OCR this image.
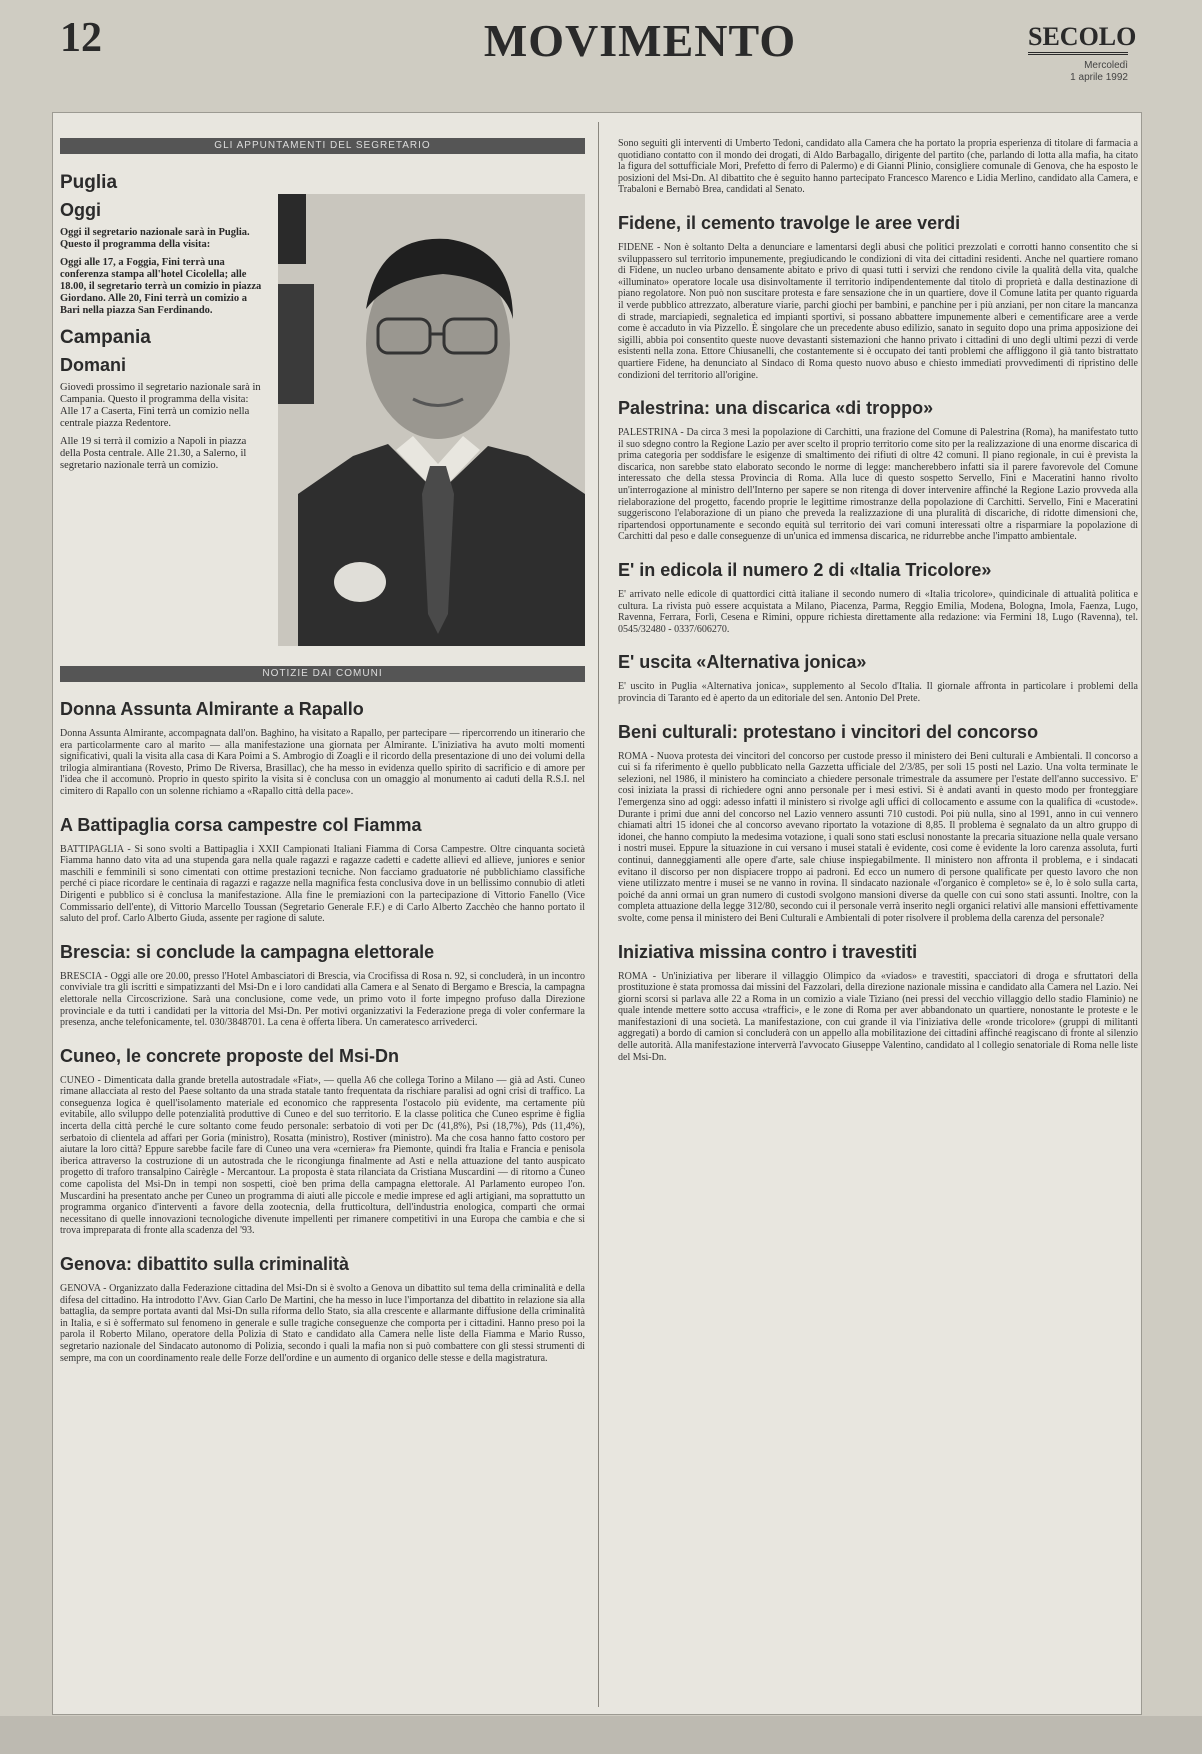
12	MOVIMENTO	SECOLO
Mercoledì
1 aprile 1992
GLI APPUNTAMENTI DEL SEGRETARIO
Puglia
Oggi

Oggi il segretario nazionale sarà in Puglia. Questo il programma della visita:

Oggi alle 17, a Foggia, Fini terrà una conferenza stampa all'hotel Cicolella; alle 18.00, il segretario terrà un comizio in piazza Giordano. Alle 20, Fini terrà un comizio a Bari nella piazza San Ferdinando.

Campania
Domani

Giovedì prossimo il segretario nazionale sarà in Campania. Questo il programma della visita: Alle 17 a Caserta, Fini terrà un comizio nella centrale piazza Redentore.

Alle 19 si terrà il comizio a Napoli in piazza della Posta centrale. Alle 21.30, a Salerno, il segretario nazionale terrà un comizio.

NOTIZIE DAI COMUNI
Donna Assunta Almirante a Rapallo

Donna Assunta Almirante, accompagnata dall'on. Baghino, ha visitato a Rapallo, per partecipare — ripercorrendo un itinerario che era particolarmente caro al marito — alla manifestazione una giornata per Almirante. L'iniziativa ha avuto molti momenti significativi, quali la visita alla casa di Kara Poimi a S. Ambrogio di Zoagli e il ricordo della presentazione di uno dei volumi della trilogia almirantiana (Rovesto, Primo De Riversa, Brasillac), che ha messo in evidenza quello spirito di sacrificio e di amore per l'idea che il accomunò. Proprio in questo spirito la visita si è conclusa con un omaggio al monumento ai caduti della R.S.I. nel cimitero di Rapallo con un solenne richiamo a «Rapallo città della pace».

A Battipaglia corsa campestre col Fiamma

BATTIPAGLIA - Si sono svolti a Battipaglia i XXII Campionati Italiani Fiamma di Corsa Campestre. Oltre cinquanta società Fiamma hanno dato vita ad una stupenda gara nella quale ragazzi e ragazze cadetti e cadette allievi ed allieve, juniores e senior maschili e femminili si sono cimentati con ottime prestazioni tecniche. Non facciamo graduatorie né pubblichiamo classifiche perché ci piace ricordare le centinaia di ragazzi e ragazze nella magnifica festa conclusiva dove in un bellissimo connubio di atleti Dirigenti e pubblico si è conclusa la manifestazione. Alla fine le premiazioni con la partecipazione di Vittorio Fanello (Vice Commissario dell'ente), di Vittorio Marcello Toussan (Segretario Generale F.F.) e di Carlo Alberto Zacchèo che hanno portato il saluto del prof. Carlo Alberto Giuda, assente per ragione di salute.

Brescia: si conclude la campagna elettorale

BRESCIA - Oggi alle ore 20.00, presso l'Hotel Ambasciatori di Brescia, via Crocifissa di Rosa n. 92, si concluderà, in un incontro conviviale tra gli iscritti e simpatizzanti del Msi-Dn e i loro candidati alla Camera e al Senato di Bergamo e Brescia, la campagna elettorale nella Circoscrizione. Sarà una conclusione, come vede, un primo voto il forte impegno profuso dalla Direzione provinciale e da tutti i candidati per la vittoria del Msi-Dn. Per motivi organizzativi la Federazione prega di voler confermare la presenza, anche telefonicamente, tel. 030/3848701. La cena è offerta libera. Un cameratesco arrivederci.

Cuneo, le concrete proposte del Msi-Dn

CUNEO - Dimenticata dalla grande bretella autostradale «Fiat», — quella A6 che collega Torino a Milano — già ad Asti. Cuneo rimane allacciata al resto del Paese soltanto da una strada statale tanto frequentata da rischiare paralisi ad ogni crisi di traffico. La conseguenza logica è quell'isolamento materiale ed economico che rappresenta l'ostacolo più evidente, ma certamente più evitabile, allo sviluppo delle potenzialità produttive di Cuneo e del suo territorio. E la classe politica che Cuneo esprime è figlia incerta della città perché le cure soltanto come feudo personale: serbatoio di voti per Dc (41,8%), Psi (18,7%), Pds (11,4%), serbatoio di clientela ad affari per Goria (ministro), Rosatta (ministro), Rostiver (ministro). Ma che cosa hanno fatto costoro per aiutare la loro città? Eppure sarebbe facile fare di Cuneo una vera «cerniera» fra Piemonte, quindi fra Italia e Francia e penisola iberica attraverso la costruzione di un autostrada che le ricongiunga finalmente ad Asti e nella attuazione del tanto auspicato progetto di traforo transalpino Cairègle - Mercantour. La proposta è stata rilanciata da Cristiana Muscardini — di ritorno a Cuneo come capolista del Msi-Dn in tempi non sospetti, cioè ben prima della campagna elettorale. Al Parlamento europeo l'on. Muscardini ha presentato anche per Cuneo un programma di aiuti alle piccole e medie imprese ed agli artigiani, ma soprattutto un programma organico d'interventi a favore della zootecnia, della frutticoltura, dell'industria enologica, compartì che ormai necessitano di quelle innovazioni tecnologiche divenute impellenti per rimanere competitivi in una Europa che cambia e che si trova impreparata di fronte alla scadenza del '93.

Genova: dibattito sulla criminalità

GENOVA - Organizzato dalla Federazione cittadina del Msi-Dn si è svolto a Genova un dibattito sul tema della criminalità e della difesa del cittadino. Ha introdotto l'Avv. Gian Carlo De Martini, che ha messo in luce l'importanza del dibattito in relazione sia alla battaglia, da sempre portata avanti dal Msi-Dn sulla riforma dello Stato, sia alla crescente e allarmante diffusione della criminalità in Italia, e si è soffermato sul fenomeno in generale e sulle tragiche conseguenze che comporta per i cittadini. Hanno preso poi la parola il Roberto Milano, operatore della Polizia di Stato e candidato alla Camera nelle liste della Fiamma e Mario Russo, segretario nazionale del Sindacato autonomo di Polizia, secondo i quali la mafia non si può combattere con gli stessi strumenti di sempre, ma con un coordinamento reale delle Forze dell'ordine e un aumento di organico delle stesse e della magistratura.

Sono seguiti gli interventi di Umberto Tedoni, candidato alla Camera che ha portato la propria esperienza di titolare di farmacia a quotidiano contatto con il mondo dei drogati, di Aldo Barbagallo, dirigente del partito (che, parlando di lotta alla mafia, ha citato la figura del sottufficiale Mori, Prefetto di ferro di Palermo) e di Gianni Plinio, consigliere comunale di Genova, che ha esposto le posizioni del Msi-Dn. Al dibattito che è seguito hanno partecipato Francesco Marenco e Lidia Merlino, candidato alla Camera, e Trabaloni e Bernabò Brea, candidati al Senato.

Fidene, il cemento travolge le aree verdi

FIDENE - Non è soltanto Delta a denunciare e lamentarsi degli abusi che politici prezzolati e corrotti hanno consentito che si sviluppassero sul territorio impunemente, pregiudicando le condizioni di vita dei cittadini residenti. Anche nel quartiere romano di Fidene, un nucleo urbano densamente abitato e privo di quasi tutti i servizi che rendono civile la qualità della vita, qualche «illuminato» operatore locale usa disinvoltamente il territorio indipendentemente dal titolo di proprietà e dalla destinazione di piano regolatore. Non può non suscitare protesta e fare sensazione che in un quartiere, dove il Comune latita per quanto riguarda il verde pubblico attrezzato, alberature viarie, parchi giochi per bambini, e panchine per i più anziani, per non citare la mancanza di strade, marciapiedi, segnaletica ed impianti sportivi, si possano abbattere impunemente alberi e cementificare aree a verde come è accaduto in via Pizzello. È singolare che un precedente abuso edilizio, sanato in seguito dopo una prima apposizione dei sigilli, abbia poi consentito queste nuove devastanti sistemazioni che hanno privato i cittadini di uno degli ultimi pezzi di verde esistenti nella zona. Ettore Chiusanelli, che costantemente si è occupato dei tanti problemi che affliggono il già tanto bistrattato quartiere Fidene, ha denunciato al Sindaco di Roma questo nuovo abuso e chiesto immediati provvedimenti di ripristino delle condizioni del territorio all'origine.

Palestrina: una discarica «di troppo»

PALESTRINA - Da circa 3 mesi la popolazione di Carchitti, una frazione del Comune di Palestrina (Roma), ha manifestato tutto il suo sdegno contro la Regione Lazio per aver scelto il proprio territorio come sito per la realizzazione di una enorme discarica di prima categoria per soddisfare le esigenze di smaltimento dei rifiuti di oltre 42 comuni. Il piano regionale, in cui è prevista la discarica, non sarebbe stato elaborato secondo le norme di legge: mancherebbero infatti sia il parere favorevole del Comune interessato che della stessa Provincia di Roma. Alla luce di questo sospetto Servello, Fini e Maceratini hanno rivolto un'interrogazione al ministro dell'Interno per sapere se non ritenga di dover intervenire affinché la Regione Lazio provveda alla rielaborazione del progetto, facendo proprie le legittime rimostranze della popolazione di Carchitti. Servello, Fini e Maceratini suggeriscono l'elaborazione di un piano che preveda la realizzazione di una pluralità di discariche, di ridotte dimensioni che, ripartendosi opportunamente e secondo equità sul territorio dei vari comuni interessati oltre a risparmiare la popolazione di Carchitti dal peso e dalle conseguenze di un'unica ed immensa discarica, ne ridurrebbe anche l'impatto ambientale.

E' in edicola il numero 2 di «Italia Tricolore»

E' arrivato nelle edicole di quattordici città italiane il secondo numero di «Italia tricolore», quindicinale di attualità politica e cultura. La rivista può essere acquistata a Milano, Piacenza, Parma, Reggio Emilia, Modena, Bologna, Imola, Faenza, Lugo, Ravenna, Ferrara, Forlì, Cesena e Rimini, oppure richiesta direttamente alla redazione: via Fermini 18, Lugo (Ravenna), tel. 0545/32480 - 0337/606270.

E' uscita «Alternativa jonica»

E' uscito in Puglia «Alternativa jonica», supplemento al Secolo d'Italia. Il giornale affronta in particolare i problemi della provincia di Taranto ed è aperto da un editoriale del sen. Antonio Del Prete.

Beni culturali: protestano i vincitori del concorso

ROMA - Nuova protesta dei vincitori del concorso per custode presso il ministero dei Beni culturali e Ambientali. Il concorso a cui si fa riferimento è quello pubblicato nella Gazzetta ufficiale del 2/3/85, per soli 15 posti nel Lazio. Una volta terminate le selezioni, nel 1986, il ministero ha cominciato a chiedere personale trimestrale da assumere per l'estate dell'anno successivo. E' così iniziata la prassi di richiedere ogni anno personale per i mesi estivi. Si è andati avanti in questo modo per fronteggiare l'emergenza sino ad oggi: adesso infatti il ministero si rivolge agli uffici di collocamento e assume con la qualifica di «custode». Durante i primi due anni del concorso nel Lazio vennero assunti 710 custodi. Poi più nulla, sino al 1991, anno in cui vennero chiamati altri 15 idonei che al concorso avevano riportato la votazione di 8,85. Il problema è segnalato da un altro gruppo di idonei, che hanno compiuto la medesima votazione, i quali sono stati esclusi nonostante la precaria situazione nella quale versano i nostri musei. Eppure la situazione in cui versano i musei statali è evidente, così come è evidente la loro carenza assoluta, furti continui, danneggiamenti alle opere d'arte, sale chiuse inspiegabilmente. Il ministero non affronta il problema, e i sindacati evitano il discorso per non dispiacere troppo ai padroni. Ed ecco un numero di persone qualificate per questo lavoro che non viene utilizzato mentre i musei se ne vanno in rovina. Il sindacato nazionale «l'organico è completo» se è, lo è solo sulla carta, poiché da anni ormai un gran numero di custodi svolgono mansioni diverse da quelle con cui sono stati assunti. Inoltre, con la completa attuazione della legge 312/80, secondo cui il personale verrà inserito negli organici relativi alle mansioni effettivamente svolte, come pensa il ministero dei Beni Culturali e Ambientali di poter risolvere il problema della carenza del personale?

Iniziativa missina contro i travestiti

ROMA - Un'iniziativa per liberare il villaggio Olimpico da «viados» e travestiti, spacciatori di droga e sfruttatori della prostituzione è stata promossa dai missini del Fazzolari, della direzione nazionale missina e candidato alla Camera nel Lazio. Nei giorni scorsi si parlava alle 22 a Roma in un comizio a viale Tiziano (nei pressi del vecchio villaggio dello stadio Flaminio) ne quale intende mettere sotto accusa «traffici», e le zone di Roma per aver abbandonato un quartiere, nonostante le proteste e le manifestazioni di una società. La manifestazione, con cui grande il via l'iniziativa delle «ronde tricolore» (gruppi di militanti aggregati) a bordo di camion si concluderà con un appello alla mobilitazione dei cittadini affinché reagiscano di fronte al silenzio delle autorità. Alla manifestazione interverrà l'avvocato Giuseppe Valentino, candidato al l collegio senatoriale di Roma nelle liste del Msi-Dn.
